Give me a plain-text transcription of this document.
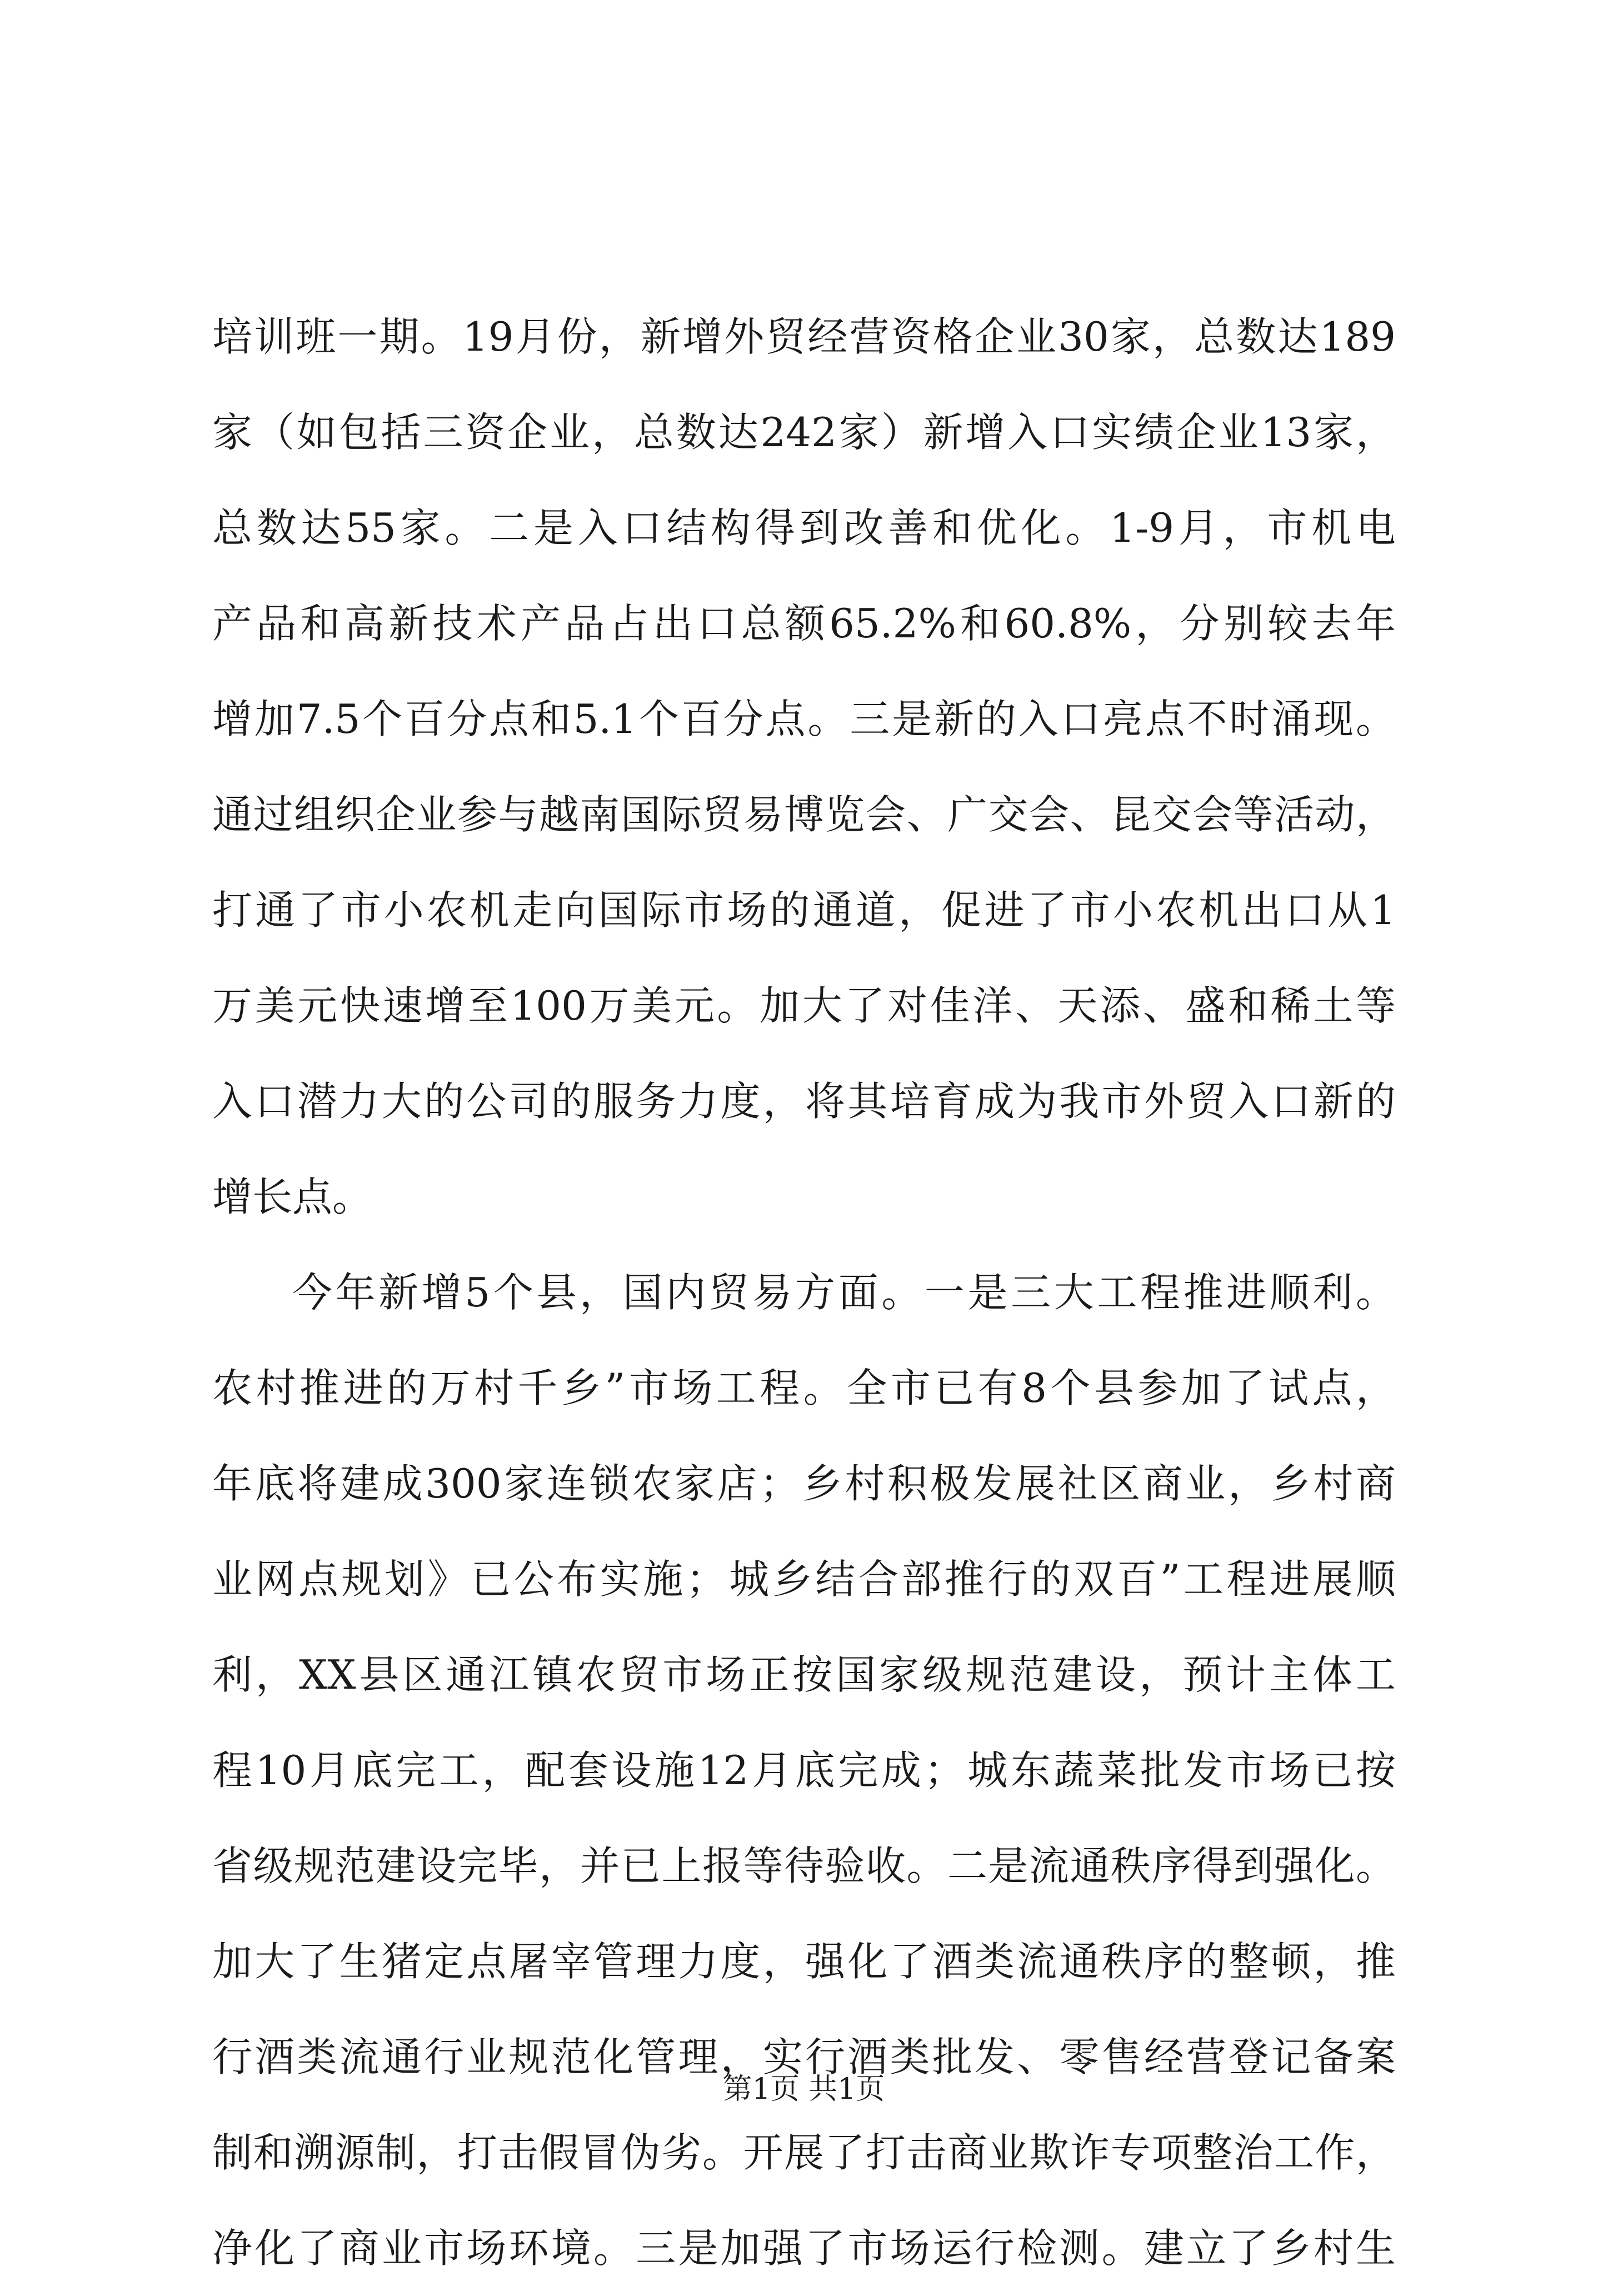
培训班一期。19月份，新增外贸经营资格企业30家，总数达189
家（如包括三资企业，总数达242家）新增入口实绩企业13家，
总数达55家。二是入口结构得到改善和优化。1-9月，市机电
产品和高新技术产品占出口总额65.2%和60.8%，分别较去年
增加7.5个百分点和5.1个百分点。三是新的入口亮点不时涌现。
通过组织企业参与越南国际贸易博览会、广交会、昆交会等活动，
打通了市小农机走向国际市场的通道，促进了市小农机出口从1
万美元快速增至100万美元。加大了对佳洋、天添、盛和稀土等
入口潜力大的公司的服务力度，将其培育成为我市外贸入口新的
增长点。
今年新增5个县，国内贸易方面。一是三大工程推进顺利。
农村推进的万村千乡”市场工程。全市已有8个县参加了试点，
年底将建成300家连锁农家店；乡村积极发展社区商业，乡村商
业网点规划》已公布实施；城乡结合部推行的双百”工程进展顺
利，XX县区通江镇农贸市场正按国家级规范建设，预计主体工
程10月底完工，配套设施12月底完成；城东蔬菜批发市场已按
省级规范建设完毕，并已上报等待验收。二是流通秩序得到强化。
加大了生猪定点屠宰管理力度，强化了酒类流通秩序的整顿，推
行酒类流通行业规范化管理，实行酒类批发、零售经营登记备案
制和溯源制，打击假冒伪劣。开展了打击商业欺诈专项整治工作，
净化了商业市场环境。三是加强了市场运行检测。建立了乡村生
第1页 共1页
